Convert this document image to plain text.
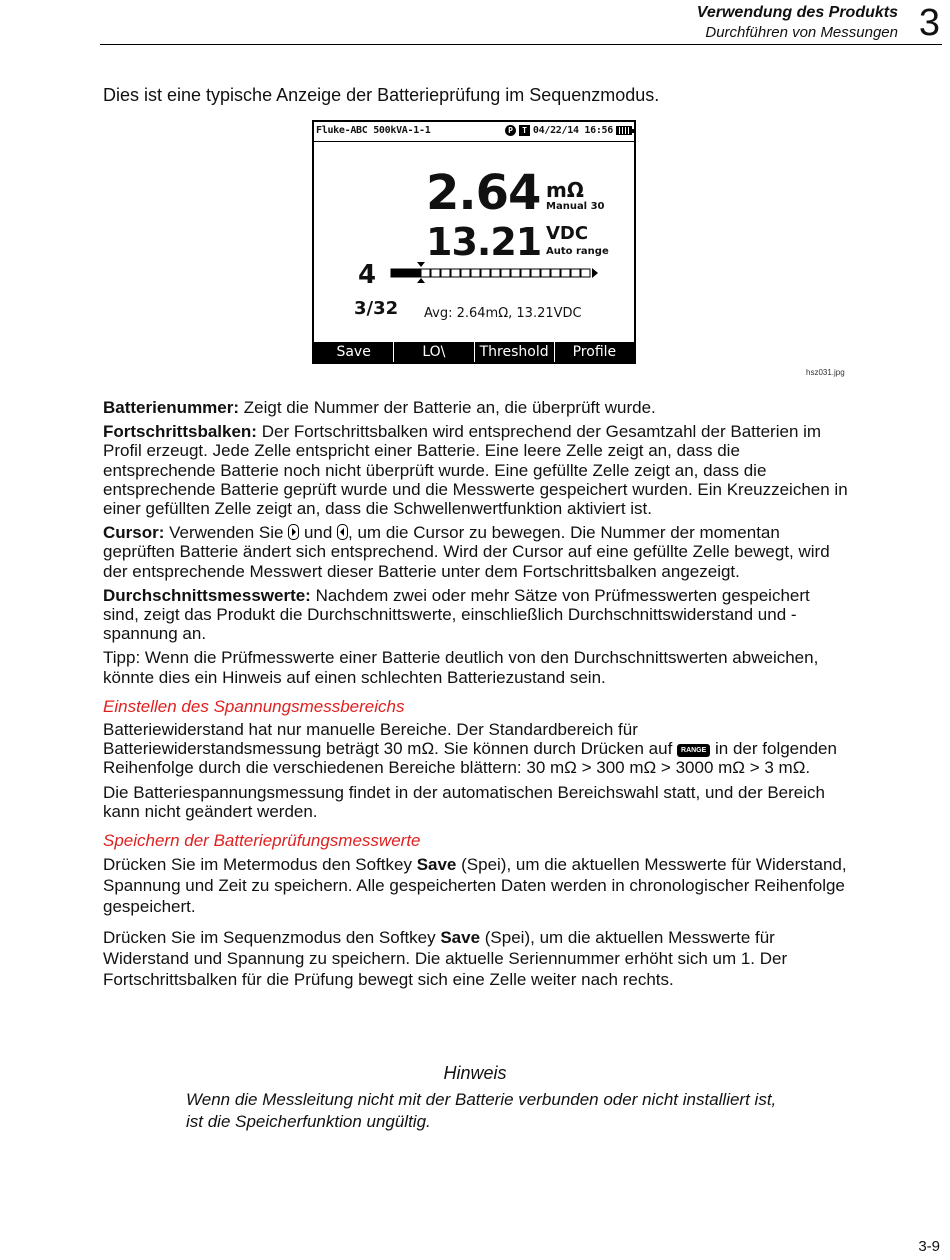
Verwendung des Produkts
Durchführen von Messungen 3
Dies ist eine typische Anzeige der Batterieprüfung im Sequenzmodus.
Fluke-ABC 500kVA-1-1	P	T 04/22/14 16:56
2.64 mΩ
Manual 30
13.21 VDC
Auto range
4
3/32 Avg: 2.64mΩ, 13.21VDC
Save	LO\	Threshold	Profile
hsz031.jpg

Batterienummer: Zeigt die Nummer der Batterie an, die überprüft wurde.

Fortschrittsbalken: Der Fortschrittsbalken wird entsprechend der Gesamtzahl der Batterien im Profil erzeugt. Jede Zelle entspricht einer Batterie. Eine leere Zelle zeigt an, dass die entsprechende Batterie noch nicht überprüft wurde. Eine gefüllte Zelle zeigt an, dass die entsprechende Batterie geprüft wurde und die Messwerte gespeichert wurden. Ein Kreuzzeichen in einer gefüllten Zelle zeigt an, dass die Schwellenwertfunktion aktiviert ist.

Cursor: Verwenden Sie  und , um die Cursor zu bewegen. Die Nummer der momentan geprüften Batterie ändert sich entsprechend. Wird der Cursor auf eine gefüllte Zelle bewegt, wird der entsprechende Messwert dieser Batterie unter dem Fortschrittsbalken angezeigt.

Durchschnittsmesswerte: Nachdem zwei oder mehr Sätze von Prüfmesswerten gespeichert sind, zeigt das Produkt die Durchschnittswerte, einschließlich Durchschnittswiderstand und -spannung an.

Tipp: Wenn die Prüfmesswerte einer Batterie deutlich von den Durchschnittswerten abweichen, könnte dies ein Hinweis auf einen schlechten Batteriezustand sein.

Einstellen des Spannungsmessbereichs

Batteriewiderstand hat nur manuelle Bereiche. Der Standardbereich für Batteriewiderstandsmessung beträgt 30 mΩ. Sie können durch Drücken auf RANGE in der folgenden Reihenfolge durch die verschiedenen Bereiche blättern: 30 mΩ > 300 mΩ > 3000 mΩ > 3 mΩ.

Die Batteriespannungsmessung findet in der automatischen Bereichswahl statt, und der Bereich kann nicht geändert werden.

Speichern der Batterieprüfungsmesswerte

Drücken Sie im Metermodus den Softkey Save (Spei), um die aktuellen Messwerte für Widerstand, Spannung und Zeit zu speichern. Alle gespeicherten Daten werden in chronologischer Reihenfolge gespeichert.

Drücken Sie im Sequenzmodus den Softkey Save (Spei), um die aktuellen Messwerte für Widerstand und Spannung zu speichern. Die aktuelle Seriennummer erhöht sich um 1. Der Fortschrittsbalken für die Prüfung bewegt sich eine Zelle weiter nach rechts.

Hinweis
Wenn die Messleitung nicht mit der Batterie verbunden oder nicht installiert ist, ist die Speicherfunktion ungültig.
3-9
